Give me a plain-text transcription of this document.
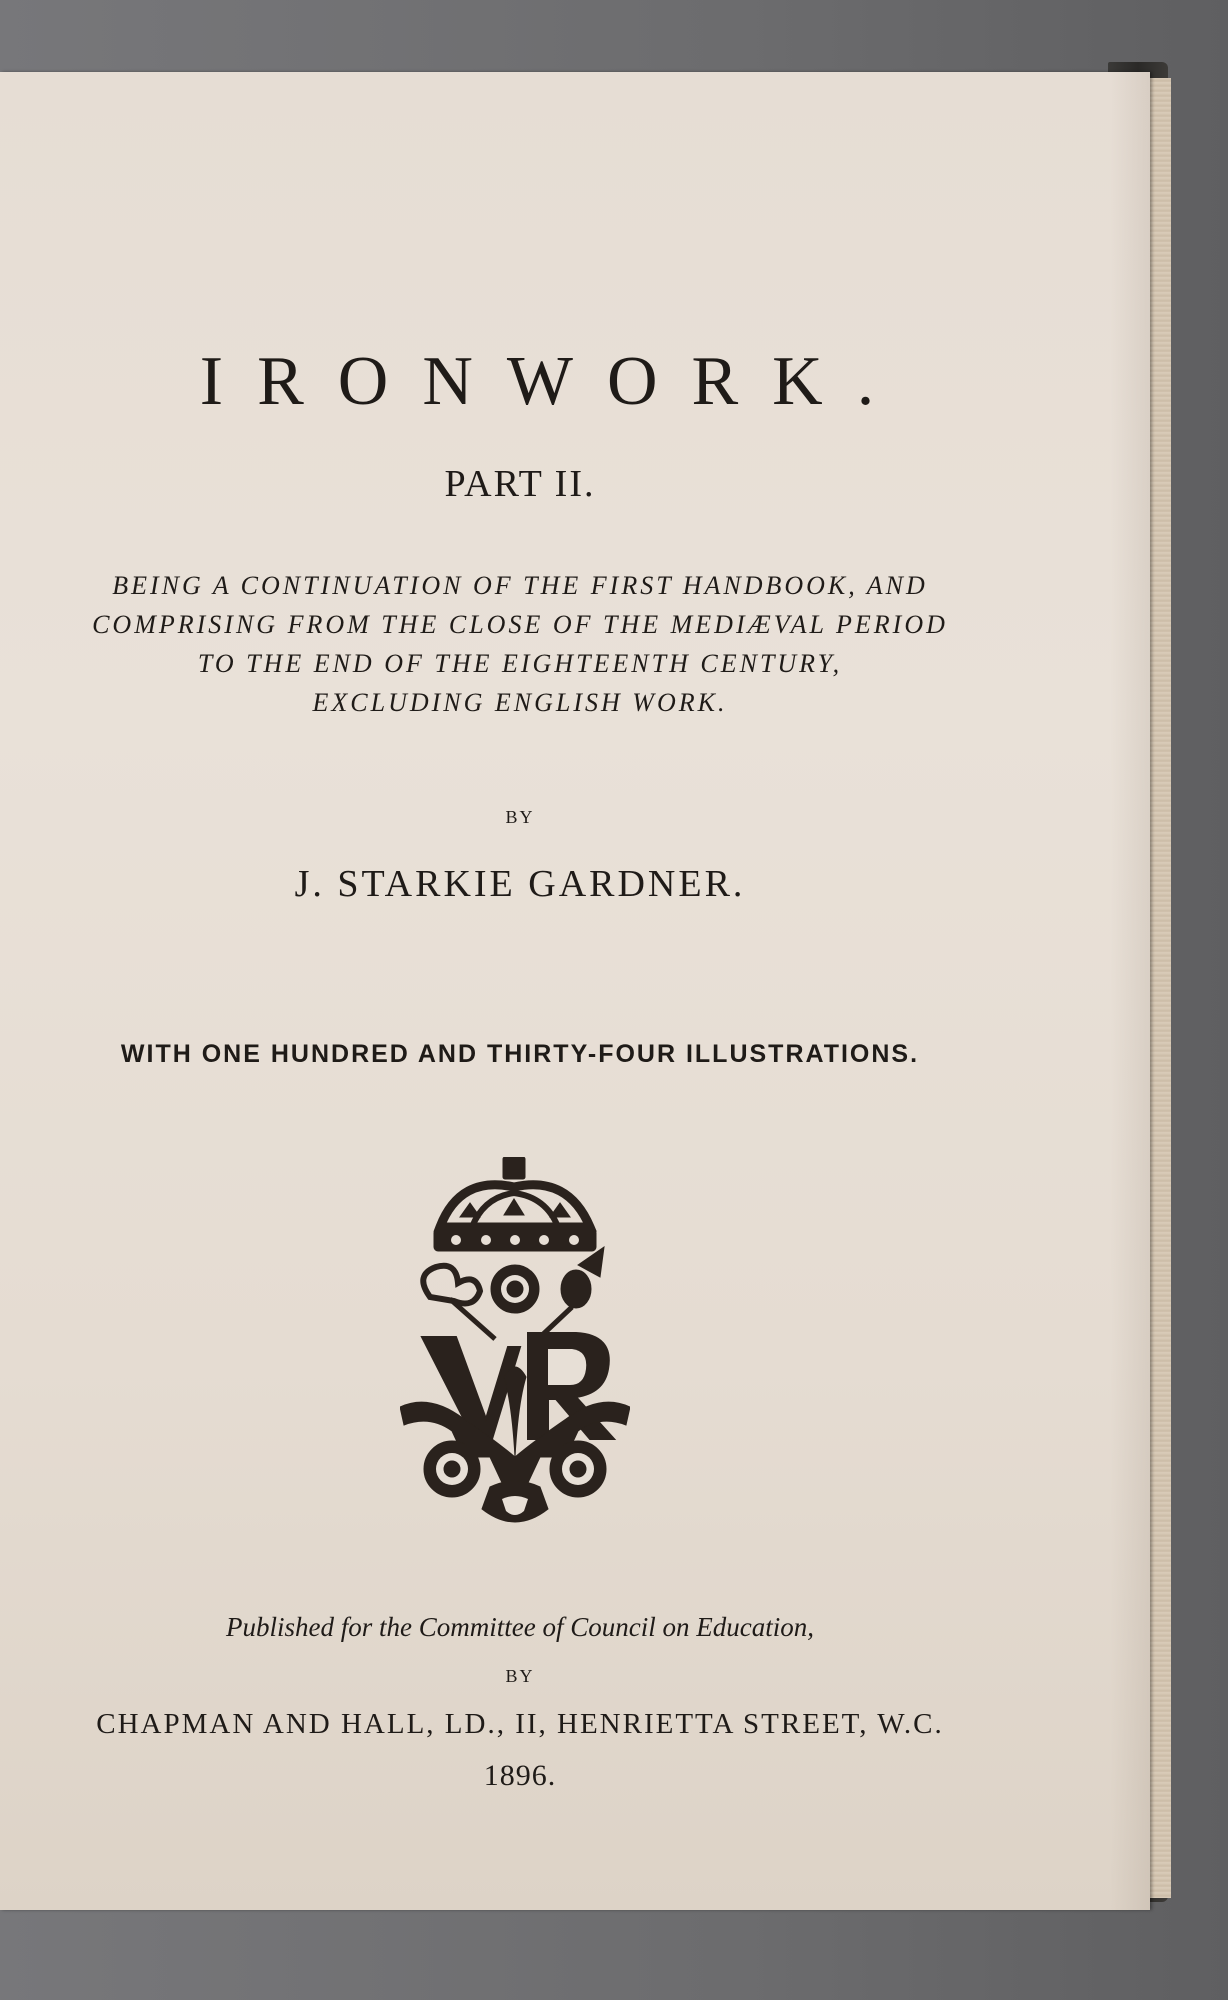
IRONWORK.
PART II.
BEING A CONTINUATION OF THE FIRST HANDBOOK, AND
COMPRISING FROM THE CLOSE OF THE MEDIÆVAL PERIOD
TO THE END OF THE EIGHTEENTH CENTURY,
EXCLUDING ENGLISH WORK.
BY
J. STARKIE GARDNER.
WITH ONE HUNDRED AND THIRTY-FOUR ILLUSTRATIONS.
Published for the Committee of Council on Education,
BY
CHAPMAN AND HALL, LD., II, HENRIETTA STREET, W.C.
1896.
